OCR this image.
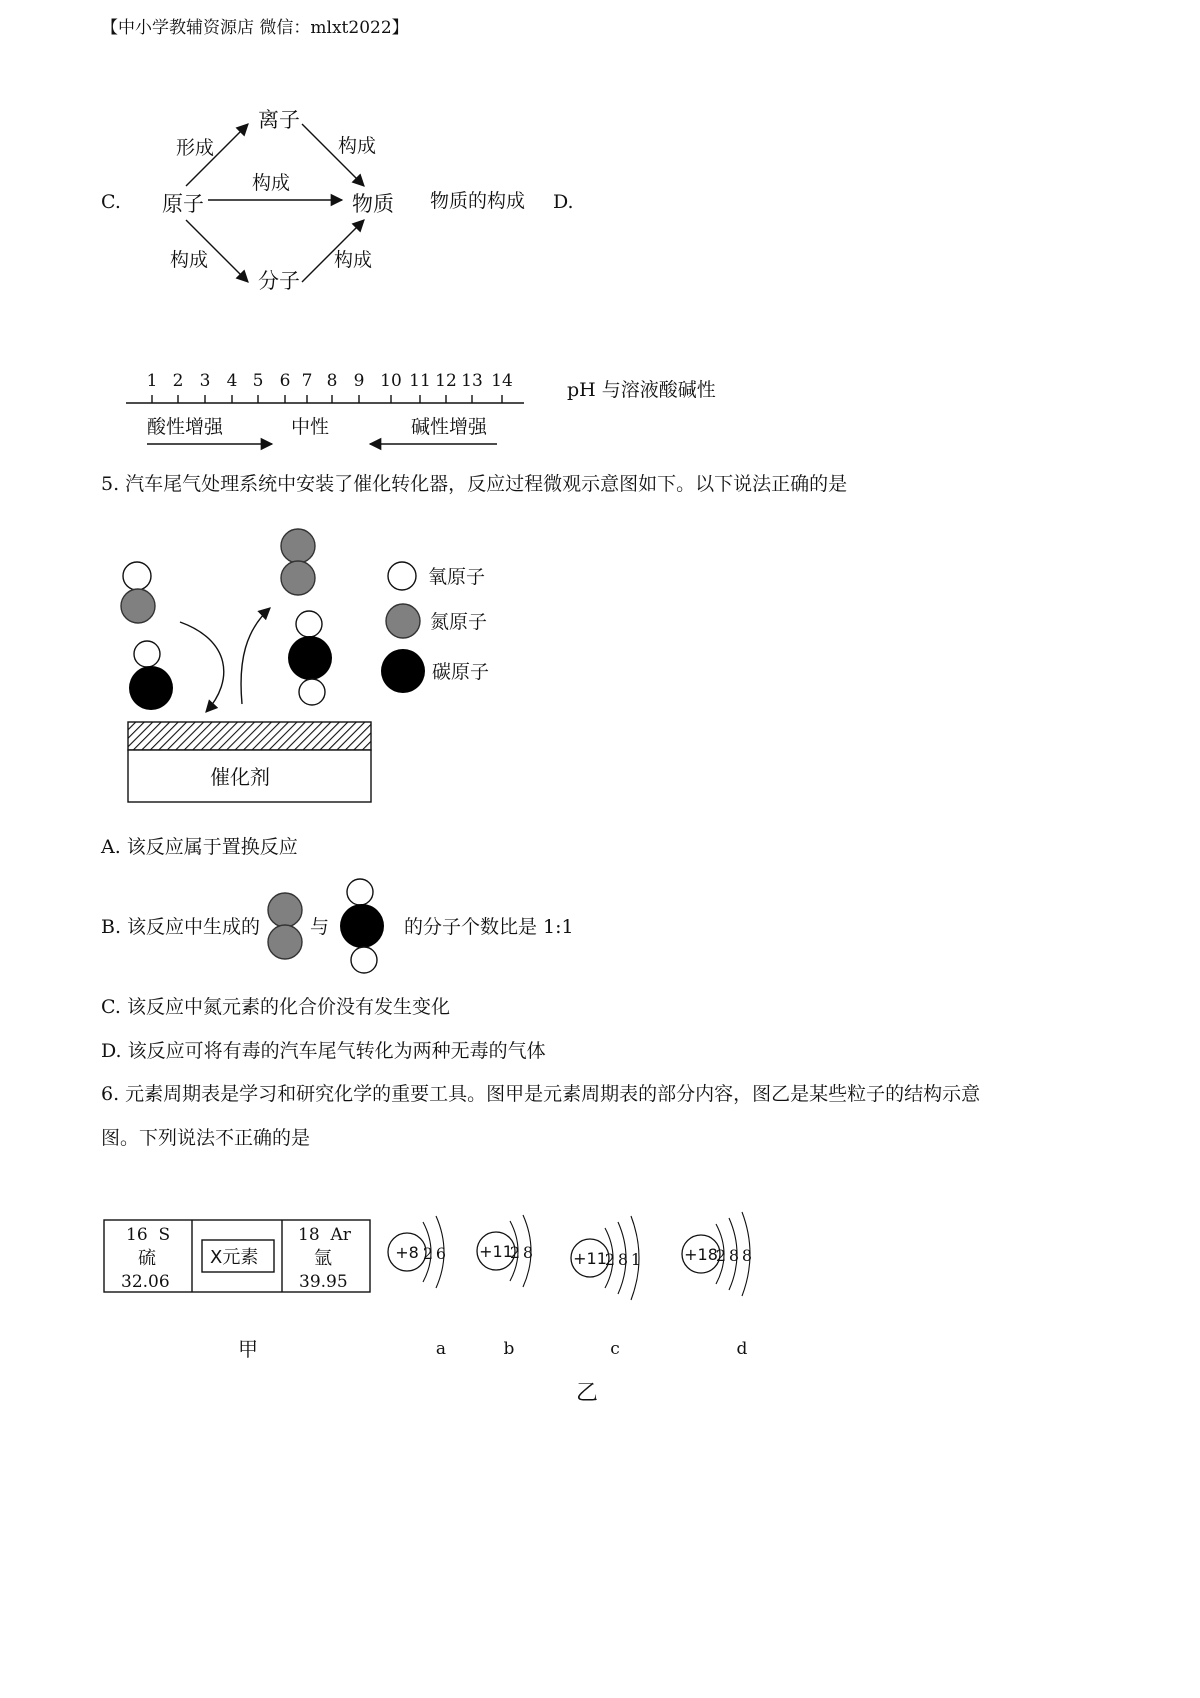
【中小学教辅资源店 微信：mlxt2022】
C. 原子
离子
分子
物质
形成	构成
构成
构成	构成
物质的构成 D.
1 2 3 4 5 6 7 8 9 10 11 12 13 14
酸性增强	中性	碱性增强
pH 与溶液酸碱性
5. 汽车尾气处理系统中安装了催化转化器，反应过程微观示意图如下。以下说法正确的是
催化剂
氧原子
氮原子
碳原子
A. 该反应属于置换反应
B. 该反应中生成的	与	的分子个数比是 1:1
C. 该反应中氮元素的化合价没有发生变化
D. 该反应可将有毒的汽车尾气转化为两种无毒的气体
6. 元素周期表是学习和研究化学的重要工具。图甲是元素周期表的部分内容，图乙是某些粒子的结构示意
图。下列说法不正确的是
16  S
硫
32.06
X元素
18  Ar
氩
39.95
甲
+8 2 6
a
+11
2 8
b
+11
2 8 1
c
+18
2 8 8
d
乙
